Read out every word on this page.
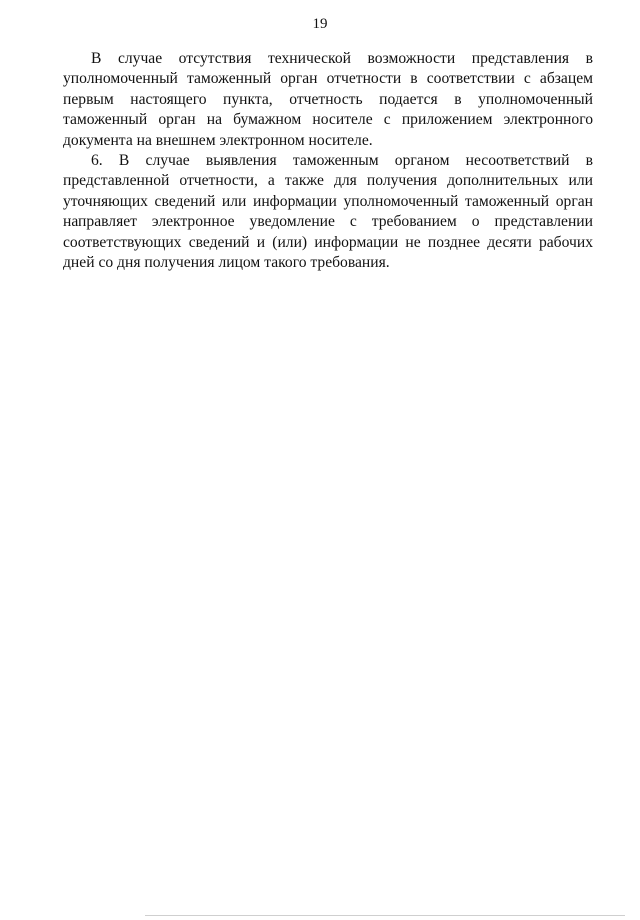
19

В случае отсутствия технической возможности представления в уполномоченный таможенный орган отчетности в соответствии с абзацем первым настоящего пункта, отчетность подается в уполномоченный таможенный орган на бумажном носителе с приложением электронного документа на внешнем электронном носителе.

6. В случае выявления таможенным органом несоответствий в представленной отчетности, а также для получения дополнительных или уточняющих сведений или информации уполномоченный таможенный орган направляет электронное уведомление с требованием о представлении соответствующих сведений и (или) информации не позднее десяти рабочих дней со дня получения лицом такого требования.
